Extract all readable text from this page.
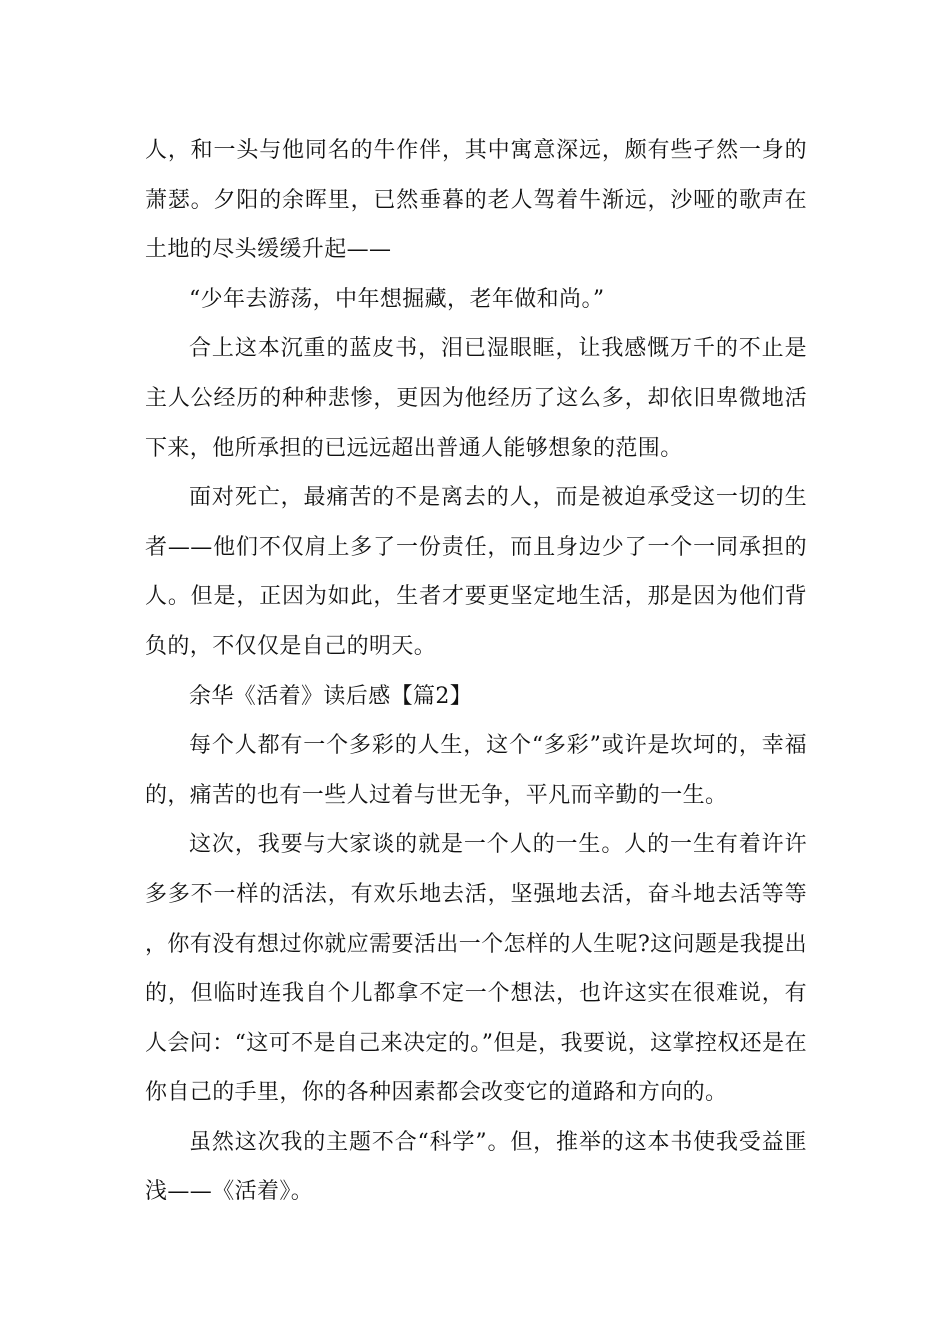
人，和一头与他同名的牛作伴，其中寓意深远，颇有些孑然一身的萧瑟。夕阳的余晖里，已然垂暮的老人驾着牛渐远，沙哑的歌声在土地的尽头缓缓升起——

“少年去游荡，中年想掘藏，老年做和尚。”

合上这本沉重的蓝皮书，泪已湿眼眶，让我感慨万千的不止是主人公经历的种种悲惨，更因为他经历了这么多，却依旧卑微地活下来，他所承担的已远远超出普通人能够想象的范围。

面对死亡，最痛苦的不是离去的人，而是被迫承受这一切的生者——他们不仅肩上多了一份责任，而且身边少了一个一同承担的人。但是，正因为如此，生者才要更坚定地生活，那是因为他们背负的，不仅仅是自己的明天。

余华《活着》读后感【篇2】

每个人都有一个多彩的人生，这个“多彩”或许是坎坷的，幸福的，痛苦的也有一些人过着与世无争，平凡而辛勤的一生。

这次，我要与大家谈的就是一个人的一生。人的一生有着许许多多不一样的活法，有欢乐地去活，坚强地去活，奋斗地去活等等，你有没有想过你就应需要活出一个怎样的人生呢?这问题是我提出的，但临时连我自个儿都拿不定一个想法，也许这实在很难说，有人会问：“这可不是自己来决定的。”但是，我要说，这掌控权还是在你自己的手里，你的各种因素都会改变它的道路和方向的。

虽然这次我的主题不合“科学”。但，推举的这本书使我受益匪浅——《活着》。
